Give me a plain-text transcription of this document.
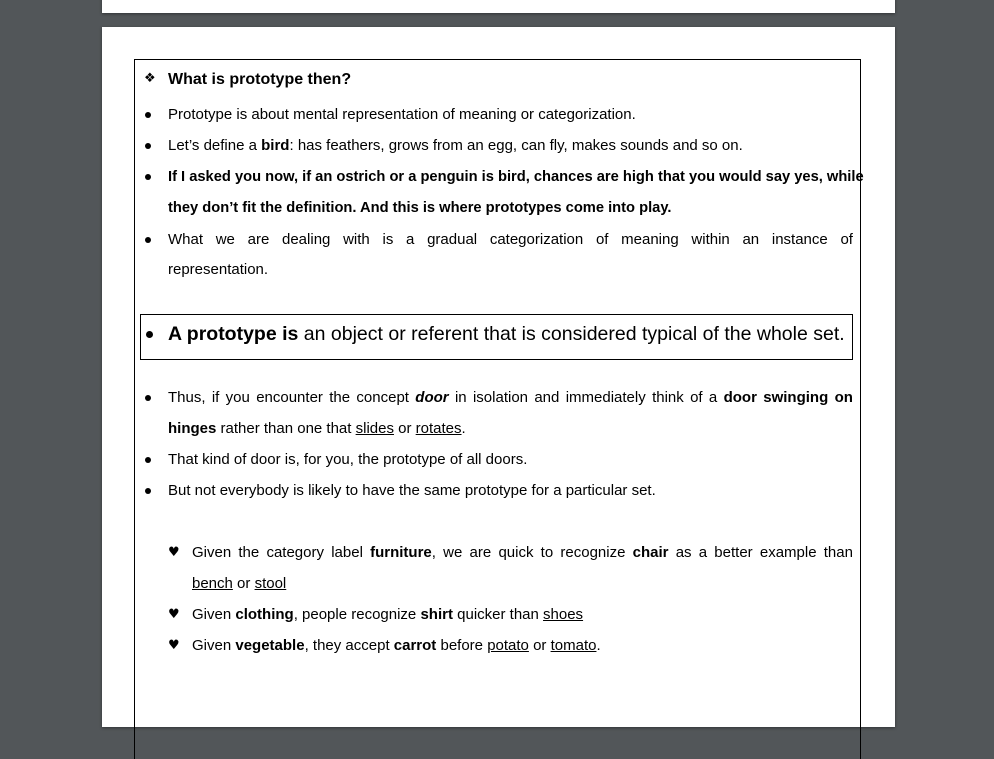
❖ What is prototype then?
Prototype is about mental representation of meaning or categorization.
Let’s define a bird: has feathers, grows from an egg, can fly, makes sounds and so on.
If I asked you now, if an ostrich or a penguin is bird, chances are high that you would say yes, while
they don’t fit the definition. And this is where prototypes come into play.
What we are dealing with is a gradual categorization of meaning within an instance of
representation.
A prototype is an object or referent that is considered typical of the whole set.
Thus, if you encounter the concept door in isolation and immediately think of a door swinging on
hinges rather than one that slides or rotates.
That kind of door is, for you, the prototype of all doors.
But not everybody is likely to have the same prototype for a particular set.
♥ Given the category label furniture, we are quick to recognize chair as a better example than
bench or stool
♥ Given clothing, people recognize shirt quicker than shoes
♥ Given vegetable, they accept carrot before potato or tomato.
